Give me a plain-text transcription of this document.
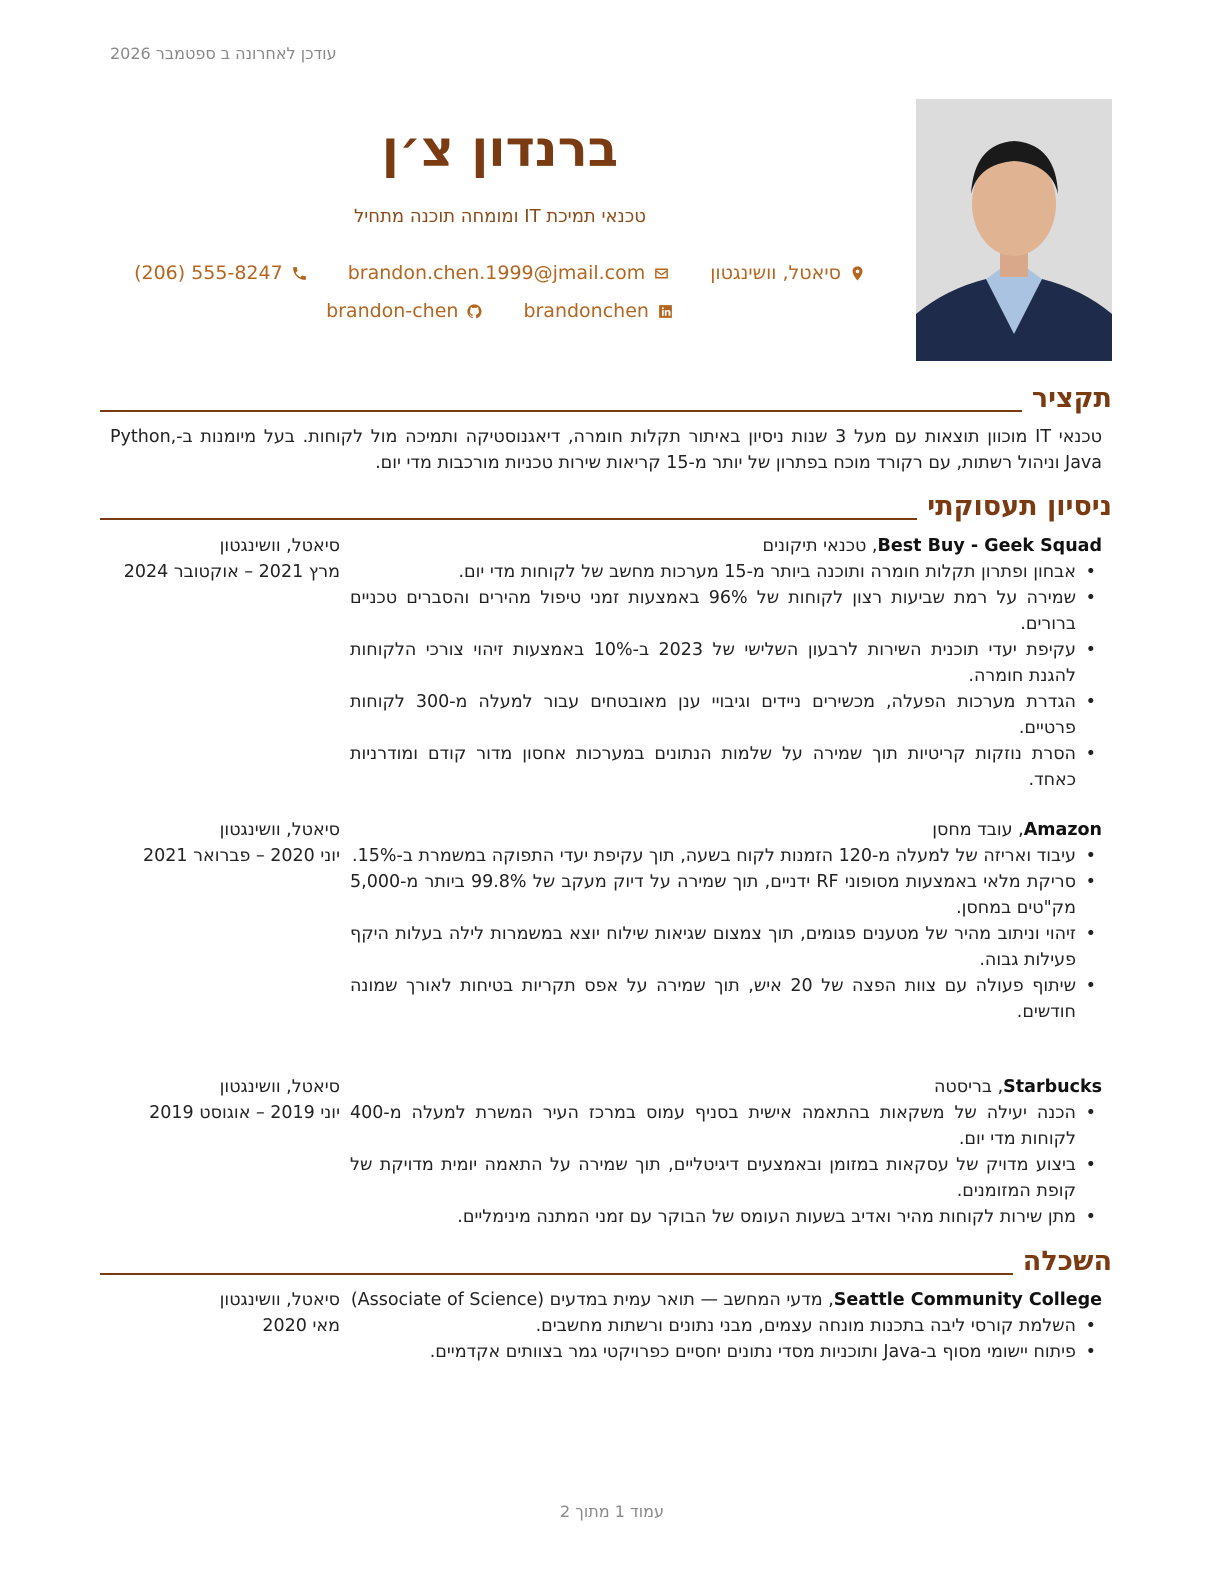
עודכן לאחרונה ב ספטמבר 2026
ברנדון צ׳ן
טכנאי תמיכת IT ומומחה תוכנה מתחיל
סיאטל, וושינגטון
brandon.chen.1999@jmail.com
(206) 555-8247
brandonchen
brandon-chen
תקציר
טכנאי IT מוכוון תוצאות עם מעל 3 שנות ניסיון באיתור תקלות חומרה, דיאגנוסטיקה ותמיכה מול לקוחות. בעל מיומנות ב-Python, Java וניהול רשתות, עם רקורד מוכח בפתרון של יותר מ-15 קריאות שירות טכניות מורכבות מדי יום.
ניסיון תעסוקתי
סיאטל, וושינגטון
מרץ 2021 – אוקטובר 2024

Best Buy - Geek Squad, טכנאי תיקונים

• אבחון ופתרון תקלות חומרה ותוכנה ביותר מ-15 מערכות מחשב של לקוחות מדי יום.
• שמירה על רמת שביעות רצון לקוחות של 96% באמצעות זמני טיפול מהירים והסברים טכניים ברורים.
• עקיפת יעדי תוכנית השירות לרבעון השלישי של 2023 ב-10% באמצעות זיהוי צורכי הלקוחות להגנת חומרה.
• הגדרת מערכות הפעלה, מכשירים ניידים וגיבויי ענן מאובטחים עבור למעלה מ-300 לקוחות פרטיים.
• הסרת נוזקות קריטיות תוך שמירה על שלמות הנתונים במערכות אחסון מדור קודם ומודרניות כאחד.
סיאטל, וושינגטון
יוני 2020 – פברואר 2021

Amazon, עובד מחסן

• עיבוד ואריזה של למעלה מ-120 הזמנות לקוח בשעה, תוך עקיפת יעדי התפוקה במשמרת ב-15%.
• סריקת מלאי באמצעות מסופוני RF ידניים, תוך שמירה על דיוק מעקב של 99.8% ביותר מ-5,000 מק"טים במחסן.
• זיהוי וניתוב מהיר של מטענים פגומים, תוך צמצום שגיאות שילוח יוצא במשמרות לילה בעלות היקף פעילות גבוה.
• שיתוף פעולה עם צוות הפצה של 20 איש, תוך שמירה על אפס תקריות בטיחות לאורך שמונה חודשים.
סיאטל, וושינגטון
יוני 2019 – אוגוסט 2019

Starbucks, בריסטה

• הכנה יעילה של משקאות בהתאמה אישית בסניף עמוס במרכז העיר המשרת למעלה מ-400 לקוחות מדי יום.
• ביצוע מדויק של עסקאות במזומן ובאמצעים דיגיטליים, תוך שמירה על התאמה יומית מדויקת של קופת המזומנים.
• מתן שירות לקוחות מהיר ואדיב בשעות העומס של הבוקר עם זמני המתנה מינימליים.
השכלה
סיאטל, וושינגטון
מאי 2020

Seattle Community College, מדעי המחשב — תואר עמית במדעים (Associate of Science)

• השלמת קורסי ליבה בתכנות מונחה עצמים, מבני נתונים ורשתות מחשבים.
• פיתוח יישומי מסוף ב-Java ותוכניות מסדי נתונים יחסיים כפרויקטי גמר בצוותים אקדמיים.
עמוד 1 מתוך 2
